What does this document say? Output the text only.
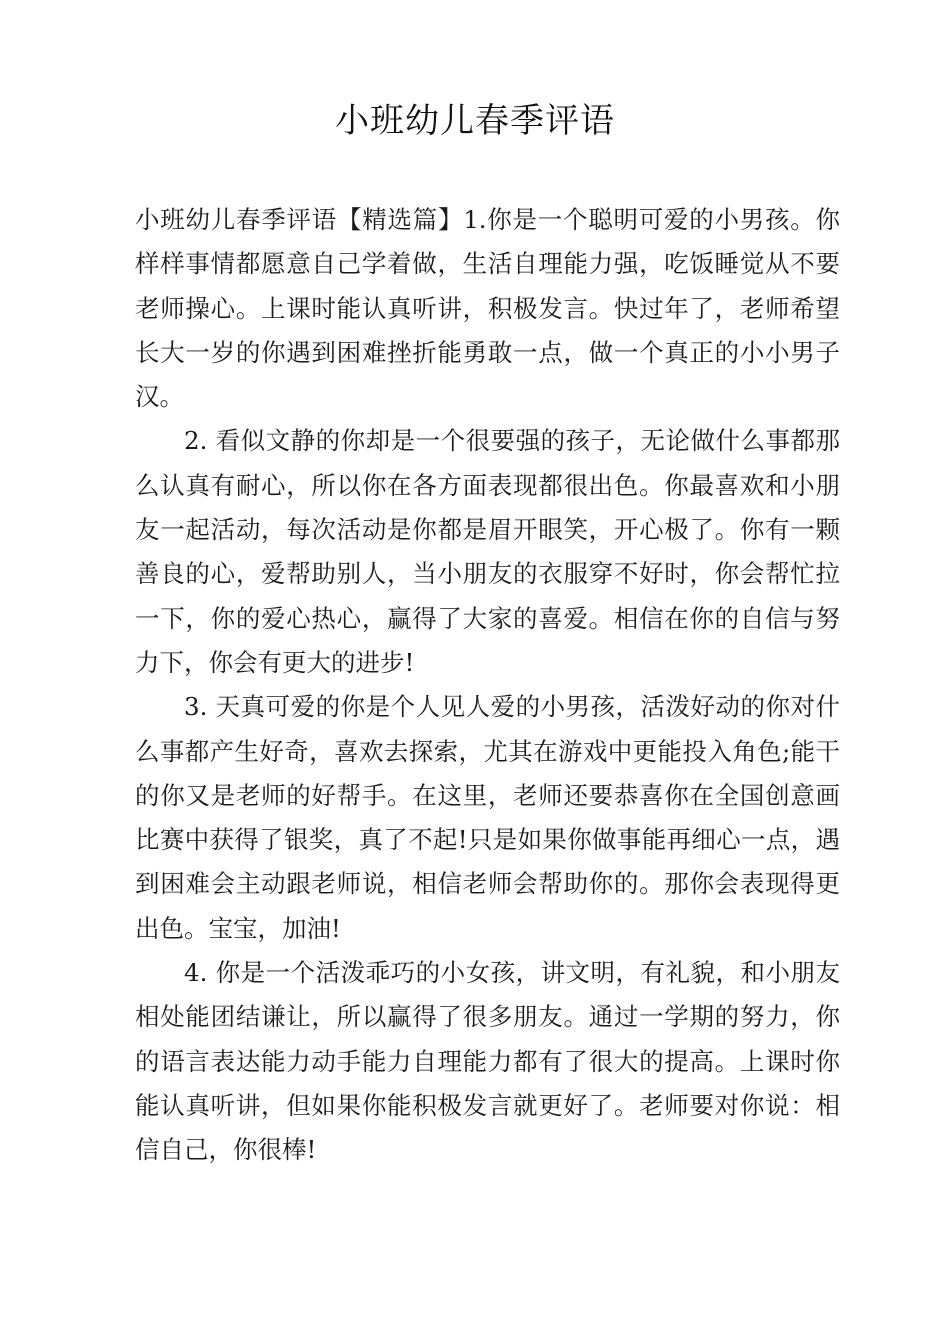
小班幼儿春季评语

小班幼儿春季评语【精选篇】1.你是一个聪明可爱的小男孩。你样样事情都愿意自己学着做，生活自理能力强，吃饭睡觉从不要老师操心。上课时能认真听讲，积极发言。快过年了，老师希望长大一岁的你遇到困难挫折能勇敢一点，做一个真正的小小男子汉。

2. 看似文静的你却是一个很要强的孩子，无论做什么事都那么认真有耐心，所以你在各方面表现都很出色。你最喜欢和小朋友一起活动，每次活动是你都是眉开眼笑，开心极了。你有一颗善良的心，爱帮助别人，当小朋友的衣服穿不好时，你会帮忙拉一下，你的爱心热心，赢得了大家的喜爱。相信在你的自信与努力下，你会有更大的进步!

3. 天真可爱的你是个人见人爱的小男孩，活泼好动的你对什么事都产生好奇，喜欢去探索，尤其在游戏中更能投入角色;能干的你又是老师的好帮手。在这里，老师还要恭喜你在全国创意画比赛中获得了银奖，真了不起!只是如果你做事能再细心一点，遇到困难会主动跟老师说，相信老师会帮助你的。那你会表现得更出色。宝宝，加油!

4. 你是一个活泼乖巧的小女孩，讲文明，有礼貌，和小朋友相处能团结谦让，所以赢得了很多朋友。通过一学期的努力，你的语言表达能力动手能力自理能力都有了很大的提高。上课时你能认真听讲，但如果你能积极发言就更好了。老师要对你说：相信自己，你很棒!
